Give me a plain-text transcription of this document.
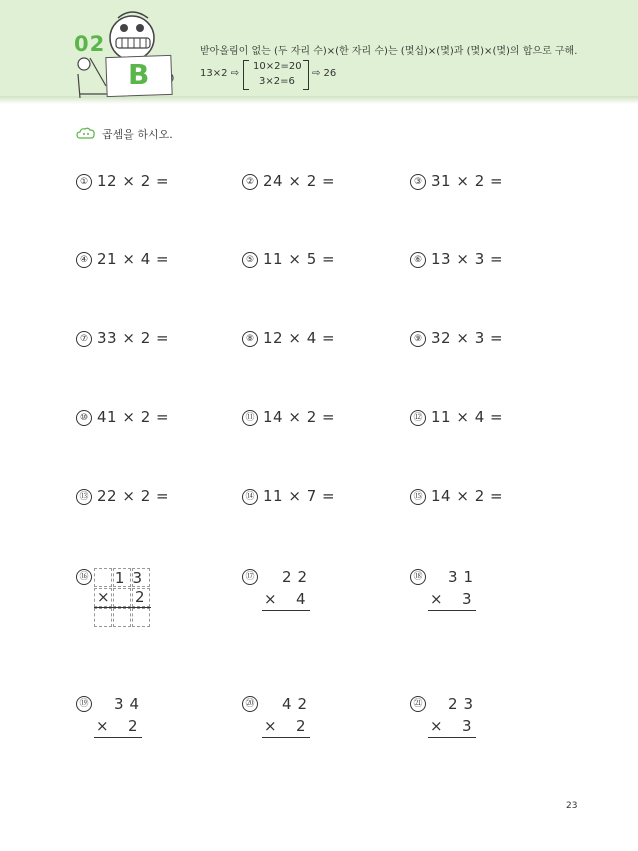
02
B
받아올림이 없는 (두 자리 수)×(한 자리 수)는 (몇십)×(몇)과 (몇)×(몇)의 합으로 구해.
13×2 ⇨
10×2=20
3×2=6
⇨ 26
곱셈을 하시오.
① 12 × 2 =	② 24 × 2 =	③ 31 × 2 =
④ 21 × 4 =	⑤ 11 × 5 =	⑥ 13 × 3 =
⑦ 33 × 2 =	⑧ 12 × 4 =	⑨ 32 × 3 =
⑩ 41 × 2 =	⑪ 14 × 2 =	⑫ 11 × 4 =
⑬ 22 × 2 =	⑭ 11 × 7 =	⑮ 14 × 2 =
⑯	13
× 2
⑰	22
× 4
⑱	31
× 3
⑲	34
× 2
⑳	42
× 2
㉑	23
× 3
23
